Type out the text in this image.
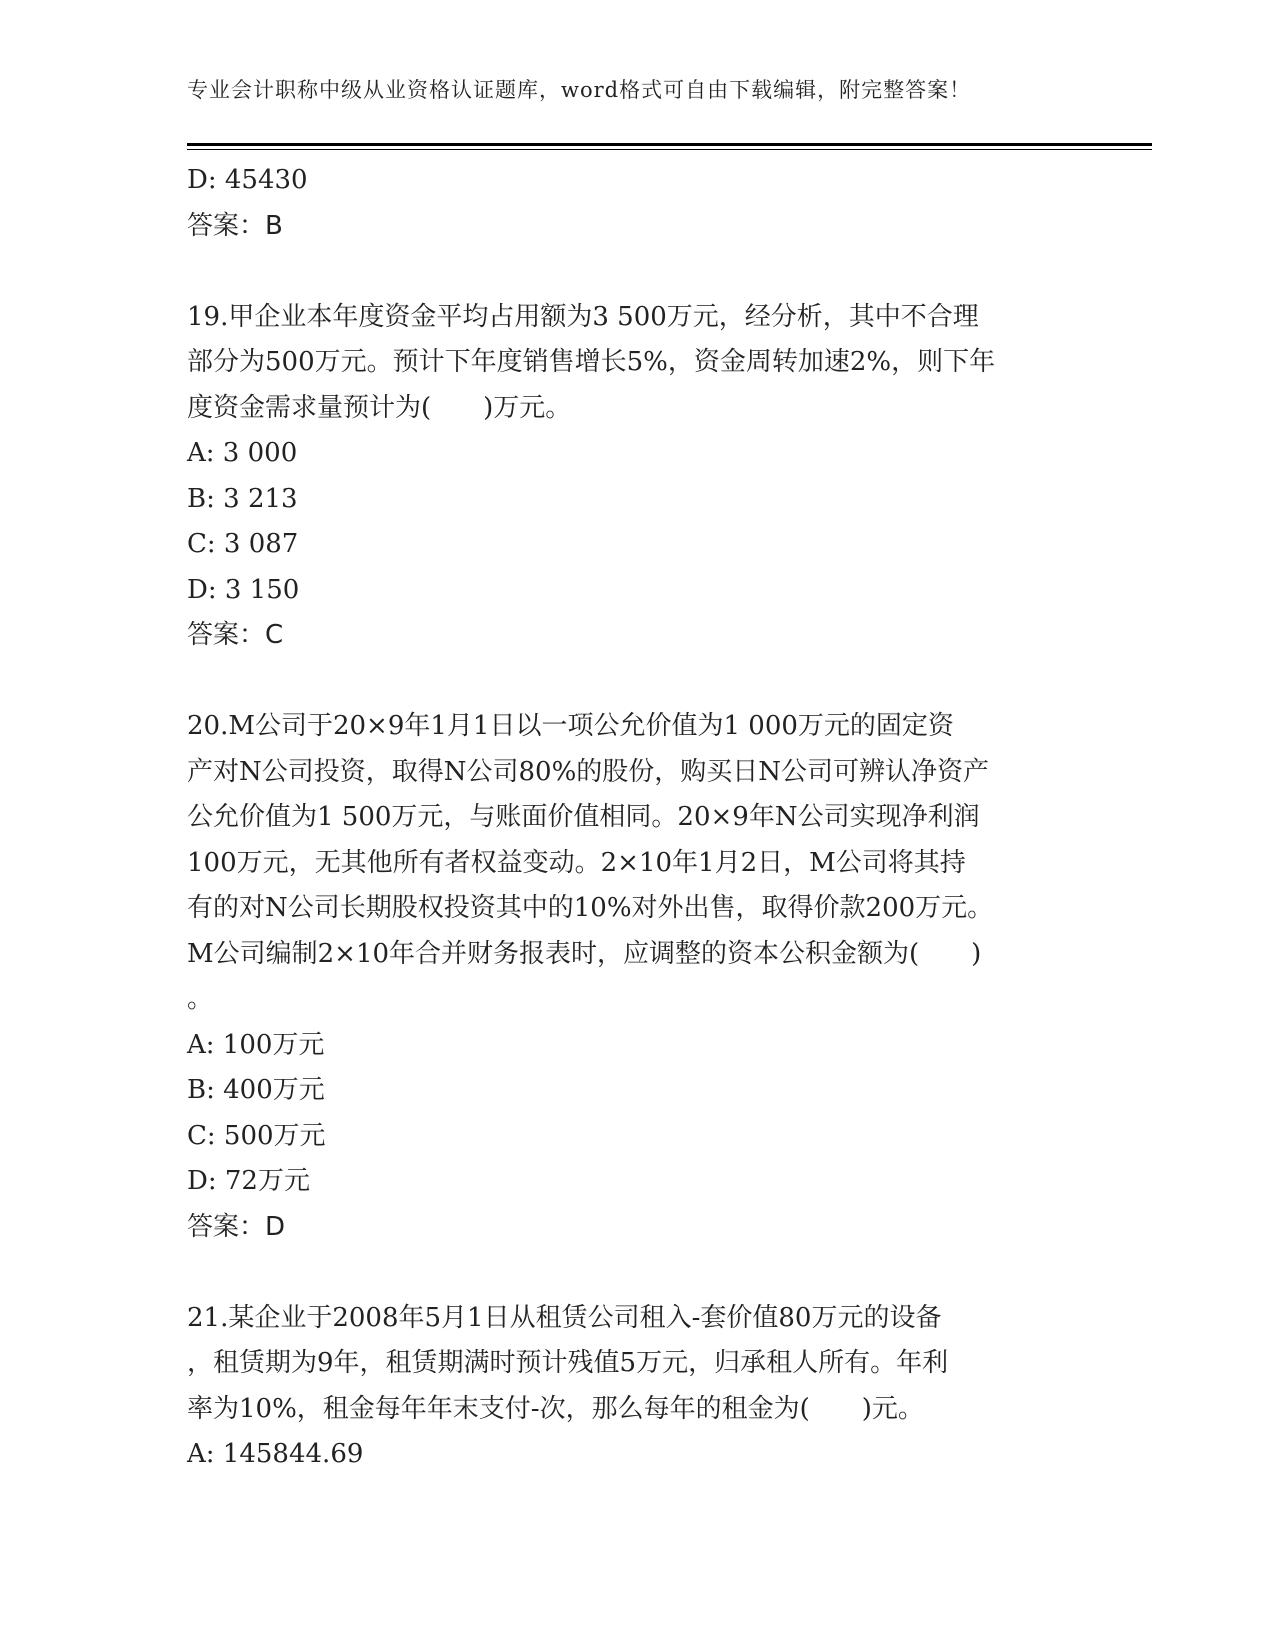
专业会计职称中级从业资格认证题库，word格式可自由下载编辑，附完整答案！
D: 45430
答案：B
19.甲企业本年度资金平均占用额为3 500万元，经分析，其中不合理
部分为500万元。预计下年度销售增长5%，资金周转加速2%，则下年
度资金需求量预计为(　　)万元。
A: 3 000
B: 3 213
C: 3 087
D: 3 150
答案：C
20.M公司于20×9年1月1日以一项公允价值为1 000万元的固定资
产对N公司投资，取得N公司80%的股份，购买日N公司可辨认净资产
公允价值为1 500万元，与账面价值相同。20×9年N公司实现净利润
100万元，无其他所有者权益变动。2×10年1月2日，M公司将其持
有的对N公司长期股权投资其中的10%对外出售，取得价款200万元。
M公司编制2×10年合并财务报表时，应调整的资本公积金额为(　　)
。
A: 100万元
B: 400万元
C: 500万元
D: 72万元
答案：D
21.某企业于2008年5月1日从租赁公司租入-套价值80万元的设备
，租赁期为9年，租赁期满时预计残值5万元，归承租人所有。年利
率为10%，租金每年年末支付-次，那么每年的租金为(　　)元。
A: 145844.69
